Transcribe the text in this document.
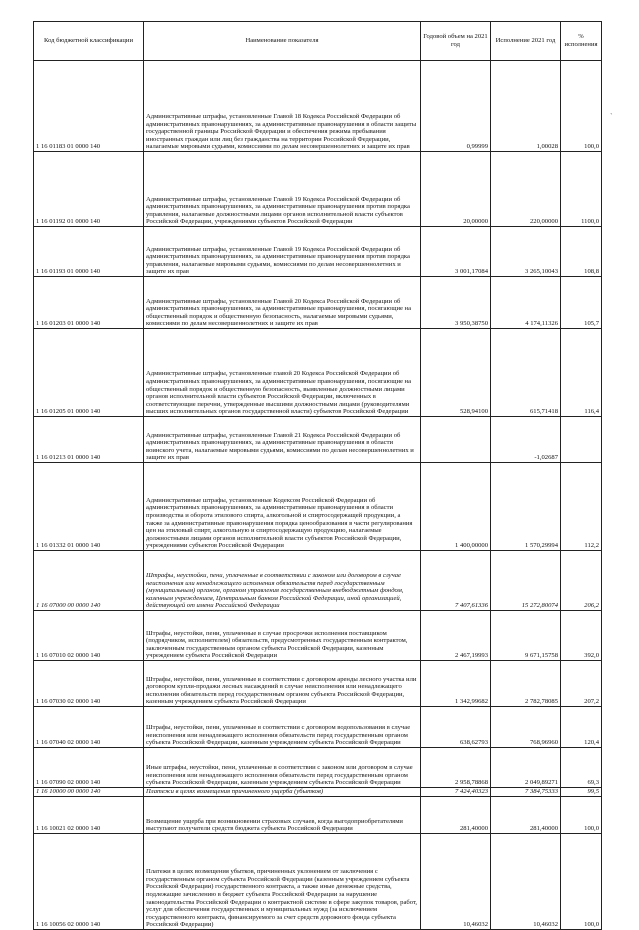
Код бюджетной классификации	Наименование показателя	Годовой объем на 2021 год	Исполнение 2021 год	% исполнения
1 16 01183 01 0000 140	Административные штрафы, установленные Главой 18 Кодекса Российской Федерации об административных правонарушениях, за административные правонарушения в области защиты государственной границы Российской Федерации и обеспечения режима пребывания иностранных граждан или лиц без гражданства на территории Российской Федерации, налагаемые мировыми судьями, комиссиями по делам несовершеннолетних и защите их прав	0,99999	1,00028	100,0
1 16 01192 01 0000 140	Административные штрафы, установленные Главой 19 Кодекса Российской Федерации об административных правонарушениях, за административные правонарушения против порядка управления, налагаемые должностными лицами органов исполнительной власти субъектов Российской Федерации, учреждениями субъектов Российской Федерации	20,00000	220,00000	1100,0
1 16 01193 01 0000 140	Административные штрафы, установленные Главой 19 Кодекса Российской Федерации об административных правонарушениях, за административные правонарушения против порядка управления, налагаемые мировыми судьями, комиссиями по делам несовершеннолетних и защите их прав	3 001,17084	3 265,10043	108,8
1 16 01203 01 0000 140	Административные штрафы, установленные Главой 20 Кодекса Российской Федерации об административных правонарушениях, за административные правонарушения, посягающие на общественный порядок и общественную безопасность, налагаемые мировыми судьями, комиссиями по делам несовершеннолетних и защите их прав	3 950,38750	4 174,11326	105,7
1 16 01205 01 0000 140	Административные штрафы, установленные главой 20 Кодекса Российской Федерации об административных правонарушениях, за административные правонарушения, посягающие на общественный порядок и общественную безопасность, выявленные должностными лицами органов исполнительной власти субъектов Российской Федерации, включенных в соответствующие перечни, утвержденные высшими должностными лицами (руководителями высших исполнительных органов государственной власти) субъектов Российской Федерации	528,94100	615,71418	116,4
1 16 01213 01 0000 140	Административные штрафы, установленные Главой 21 Кодекса Российской Федерации об административных правонарушениях, за административные правонарушения в области воинского учета, налагаемые мировыми судьями, комиссиями по делам несовершеннолетних и защите их прав		-1,02687	
1 16 01332 01 0000 140	Административные штрафы, установленные Кодексом Российской Федерации об административных правонарушениях, за административные правонарушения в области производства и оборота этилового спирта, алкогольной и спиртосодержащей продукции, а также за административные правонарушения порядка ценообразования в части регулирования цен на этиловый спирт, алкогольную и спиртосодержащую продукцию, налагаемые должностными лицами органов исполнительной власти субъектов Российской Федерации, учреждениями субъектов Российской Федерации	1 400,00000	1 570,29994	112,2
1 16 07000 00 0000 140	Штрафы, неустойки, пени, уплаченные в соответствии с законом или договором в случае неисполнения или ненадлежащего исполнения обязательств перед государственным (муниципальным) органом, органом управления государственным внебюджетным фондом, казенным учреждением, Центральным банком Российской Федерации, иной организацией, действующей от имени Российской Федерации	7 407,61336	15 272,80074	206,2
1 16 07010 02 0000 140	Штрафы, неустойки, пени, уплаченные в случае просрочки исполнения поставщиком (подрядчиком, исполнителем) обязательств, предусмотренных государственным контрактом, заключенным государственным органом субъекта Российской Федерации, казенным учреждением субъекта Российской Федерации	2 467,19993	9 671,15758	392,0
1 16 07030 02 0000 140	Штрафы, неустойки, пени, уплаченные в соответствии с договором аренды лесного участка или договором купли-продажи лесных насаждений в случае неисполнения или ненадлежащего исполнения обязательств перед государственным органом субъекта Российской Федерации, казенным учреждением субъекта Российской Федерации	1 342,99682	2 782,78085	207,2
1 16 07040 02 0000 140	Штрафы, неустойки, пени, уплаченные в соответствии с договором водопользования в случае неисполнения или ненадлежащего исполнения обязательств перед государственным органом субъекта Российской Федерации, казенным учреждением субъекта Российской Федерации	638,62793	768,96960	120,4
1 16 07090 02 0000 140	Иные штрафы, неустойки, пени, уплаченные в соответствии с законом или договором в случае неисполнения или ненадлежащего исполнения обязательств перед государственным органом субъекта Российской Федерации, казенным учреждением субъекта Российской Федерации	2 958,78868	2 049,89271	69,3
1 16 10000 00 0000 140	Платежи в целях возмещения причиненного ущерба (убытков)	7 424,40323	7 384,75333	99,5
1 16 10021 02 0000 140	Возмещение ущерба при возникновении страховых случаев, когда выгодоприобретателями выступают получатели средств бюджета субъекта Российской Федерации	281,40000	281,40000	100,0
1 16 10056 02 0000 140	Платежи в целях возмещения убытков, причиненных уклонением от заключения с государственным органом субъекта Российской Федерации (казенным учреждением субъекта Российской Федерации) государственного контракта, а также иные денежные средства, подлежащие зачислению в бюджет субъекта Российской Федерации за нарушение законодательства Российской Федерации о контрактной системе в сфере закупок товаров, работ, услуг для обеспечения государственных и муниципальных нужд (за исключением государственного контракта, финансируемого за счет средств дорожного фонда субъекта Российской Федерации)	10,46032	10,46032	100,0
`
